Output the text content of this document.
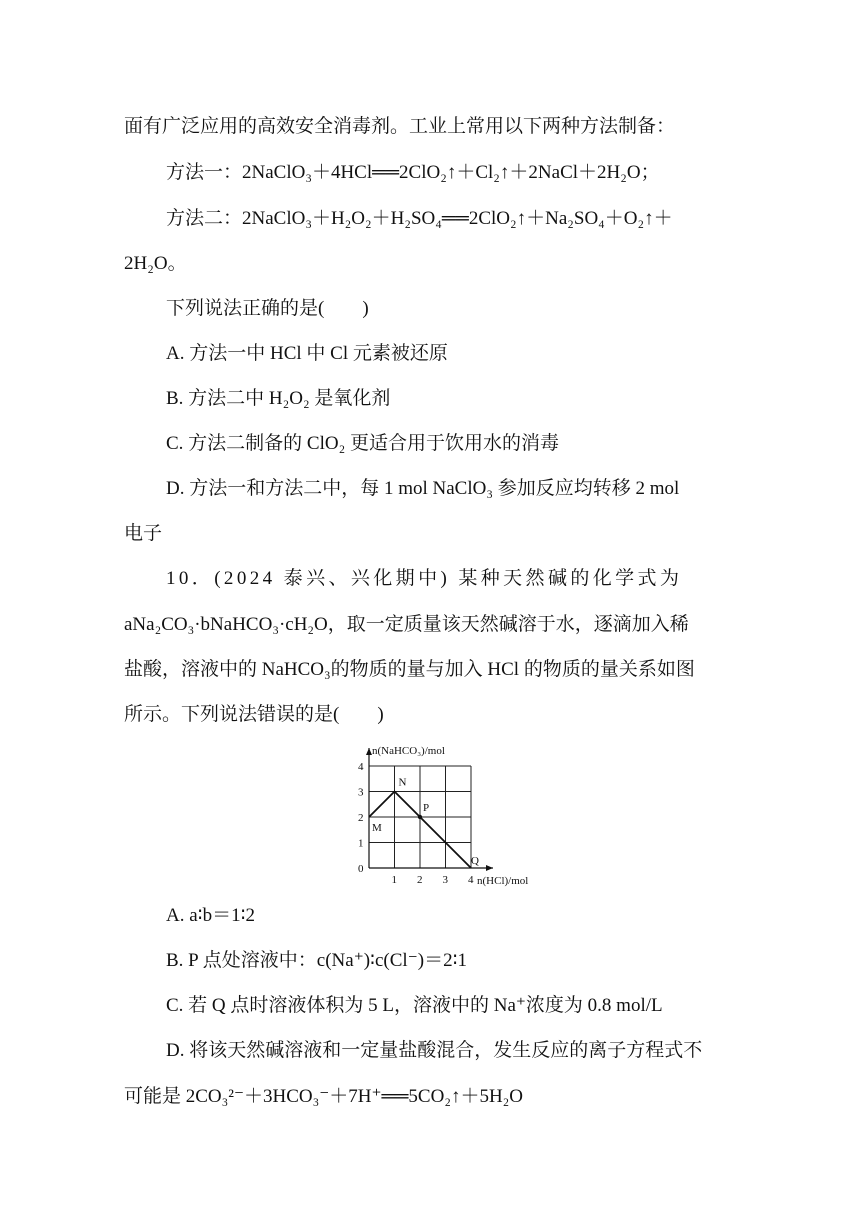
面有广泛应用的高效安全消毒剂。工业上常用以下两种方法制备：
方法一：2NaClO₃＋4HCl══2ClO₂↑＋Cl₂↑＋2NaCl＋2H₂O；
方法二：2NaClO₃＋H₂O₂＋H₂SO₄══2ClO₂↑＋Na₂SO₄＋O₂↑＋
2H₂O。
下列说法正确的是(　　)
A. 方法一中 HCl 中 Cl 元素被还原
B. 方法二中 H₂O₂ 是氧化剂
C. 方法二制备的 ClO₂ 更适合用于饮用水的消毒
D. 方法一和方法二中，每 1 mol NaClO₃ 参加反应均转移 2 mol
电子
10．(2024 泰兴、兴化期中) 某种天然碱的化学式为
aNa₂CO₃·bNaHCO₃·cH₂O，取一定质量该天然碱溶于水，逐滴加入稀
盐酸，溶液中的 NaHCO₃的物质的量与加入 HCl 的物质的量关系如图
所示。下列说法错误的是(　　)
1 2 3 4
0
1
2
3
4
n(HCl)/mol
n(NaHCO₃)/mol
M
N
P
Q
A. a∶b＝1∶2
B. P 点处溶液中：c(Na⁺)∶c(Cl⁻)＝2∶1
C. 若 Q 点时溶液体积为 5 L，溶液中的 Na⁺浓度为 0.8 mol/L
D. 将该天然碱溶液和一定量盐酸混合，发生反应的离子方程式不
可能是 2CO₃²⁻＋3HCO₃⁻＋7H⁺══5CO₂↑＋5H₂O
